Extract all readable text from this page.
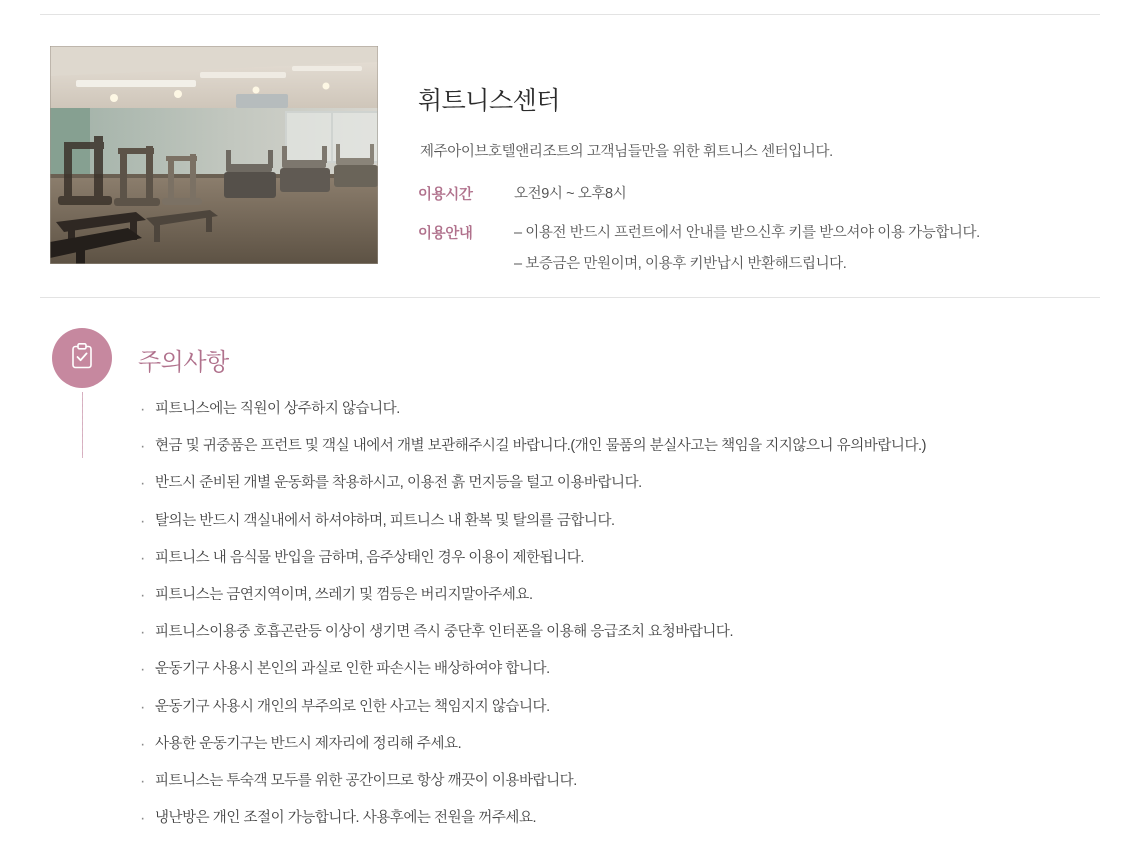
휘트니스센터

제주아이브호텔앤리조트의 고객님들만을 위한 휘트니스 센터입니다.

이용시간	오전9시 ~ 오후8시

이용안내	– 이용전 반드시 프런트에서 안내를 받으신후 키를 받으셔야 이용 가능합니다.
– 보증금은 만원이며, 이용후 키반납시 반환해드립니다.
주의사항
· 피트니스에는 직원이 상주하지 않습니다.
· 현금 및 귀중품은 프런트 및 객실 내에서 개별 보관해주시길 바랍니다.(개인 물품의 분실사고는 책임을 지지않으니 유의바랍니다.)
· 반드시 준비된 개별 운동화를 착용하시고, 이용전 흙 먼지등을 털고 이용바랍니다.
· 탈의는 반드시 객실내에서 하셔야하며, 피트니스 내 환복 및 탈의를 금합니다.
· 피트니스 내 음식물 반입을 금하며, 음주상태인 경우 이용이 제한됩니다.
· 피트니스는 금연지역이며, 쓰레기 및 껌등은 버리지말아주세요.
· 피트니스이용중 호흡곤란등 이상이 생기면 즉시 중단후 인터폰을 이용해 응급조치 요청바랍니다.
· 운동기구 사용시 본인의 과실로 인한 파손시는 배상하여야 합니다.
· 운동기구 사용시 개인의 부주의로 인한 사고는 책임지지 않습니다.
· 사용한 운동기구는 반드시 제자리에 정리해 주세요.
· 피트니스는 투숙객 모두를 위한 공간이므로 항상 깨끗이 이용바랍니다.
· 냉난방은 개인 조절이 가능합니다. 사용후에는 전원을 꺼주세요.
